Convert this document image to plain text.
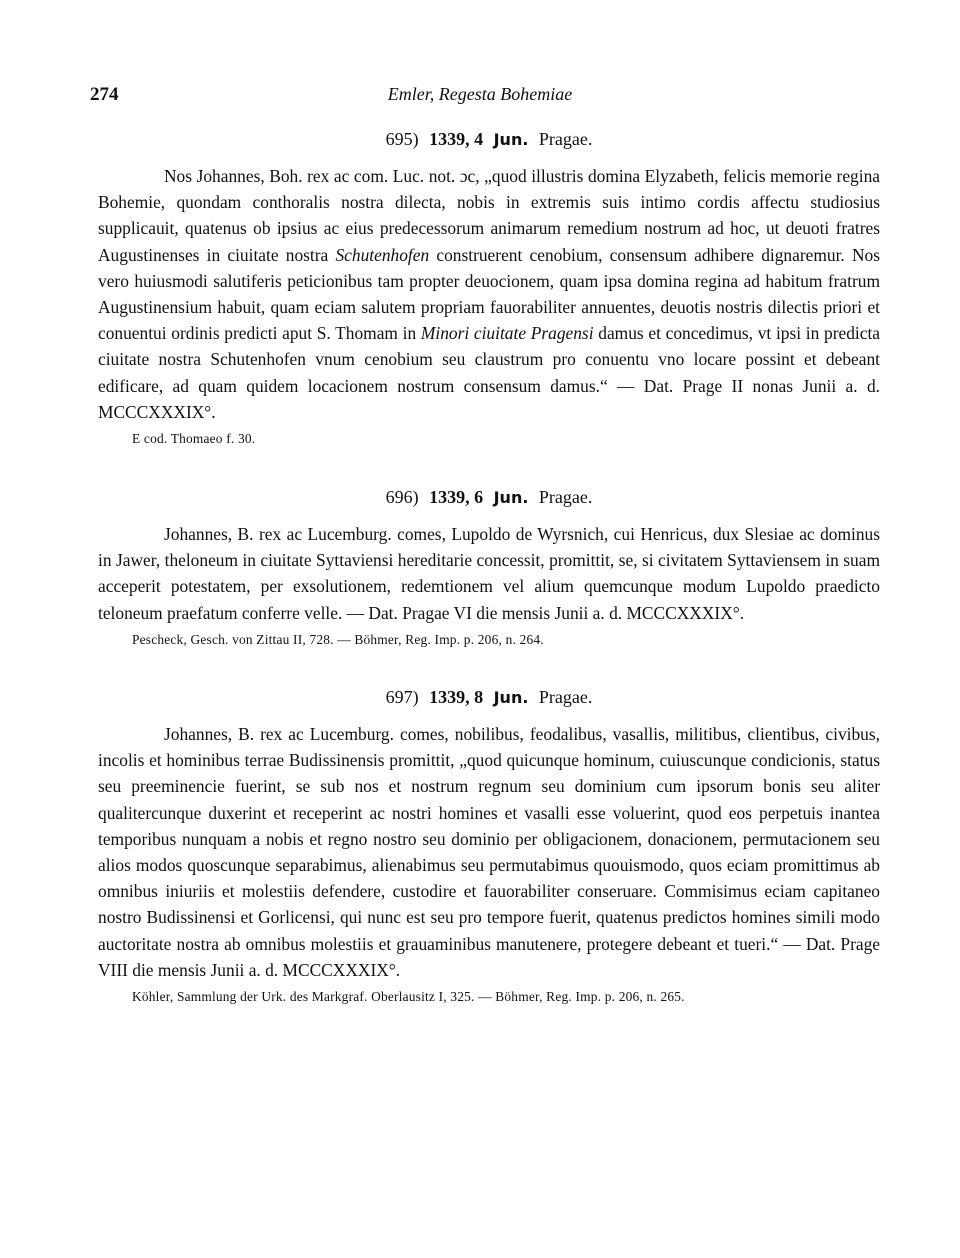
274	Emler, Regesta Bohemiae
695) 1339, 4 Jun. Pragae.

Nos Johannes, Boh. rex ac com. Luc. not. ɔc, „quod illustris domina Elyzabeth, felicis memorie regina Bohemie, quondam conthoralis nostra dilecta, nobis in extremis suis intimo cordis affectu studiosius supplicauit, quatenus ob ipsius ac eius predecessorum animarum remedium nostrum ad hoc, ut deuoti fratres Augustinenses in ciuitate nostra Schutenhofen construerent cenobium, consensum adhibere dignaremur. Nos vero huiusmodi salutiferis peticionibus tam propter deuocionem, quam ipsa domina regina ad habitum fratrum Augustinensium habuit, quam eciam salutem propriam fauorabiliter annuentes, deuotis nostris dilectis priori et conuentui ordinis predicti aput S. Thomam in Minori ciuitate Pragensi damus et concedimus, vt ipsi in predicta ciuitate nostra Schutenhofen vnum cenobium seu claustrum pro conuentu vno locare possint et debeant edificare, ad quam quidem locacionem nostrum consensum damus.“ — Dat. Prage II nonas Junii a. d. MCCCXXXIX°.

E cod. Thomaeo f. 30.
696) 1339, 6 Jun. Pragae.

Johannes, B. rex ac Lucemburg. comes, Lupoldo de Wyrsnich, cui Henricus, dux Slesiae ac dominus in Jawer, theloneum in ciuitate Syttaviensi hereditarie concessit, promittit, se, si civitatem Syttaviensem in suam acceperit potestatem, per exsolutionem, redemtionem vel alium quemcunque modum Lupoldo praedicto teloneum praefatum conferre velle. — Dat. Pragae VI die mensis Junii a. d. MCCCXXXIX°.

Pescheck, Gesch. von Zittau II, 728. — Böhmer, Reg. Imp. p. 206, n. 264.
697) 1339, 8 Jun. Pragae.

Johannes, B. rex ac Lucemburg. comes, nobilibus, feodalibus, vasallis, militibus, clientibus, civibus, incolis et hominibus terrae Budissinensis promittit, „quod quicunque hominum, cuiuscunque condicionis, status seu preeminencie fuerint, se sub nos et nostrum regnum seu dominium cum ipsorum bonis seu aliter qualitercunque duxerint et receperint ac nostri homines et vasalli esse voluerint, quod eos perpetuis inantea temporibus nunquam a nobis et regno nostro seu dominio per obligacionem, donacionem, permutacionem seu alios modos quoscunque separabimus, alienabimus seu permutabimus quouismodo, quos eciam promittimus ab omnibus iniuriis et molestiis defendere, custodire et fauorabiliter conseruare. Commisimus eciam capitaneo nostro Budissinensi et Gorlicensi, qui nunc est seu pro tempore fuerit, quatenus predictos homines simili modo auctoritate nostra ab omnibus molestiis et grauaminibus manutenere, protegere debeant et tueri.“ — Dat. Prage VIII die mensis Junii a. d. MCCCXXXIX°.

Köhler, Sammlung der Urk. des Markgraf. Oberlausitz I, 325. — Böhmer, Reg. Imp. p. 206, n. 265.
